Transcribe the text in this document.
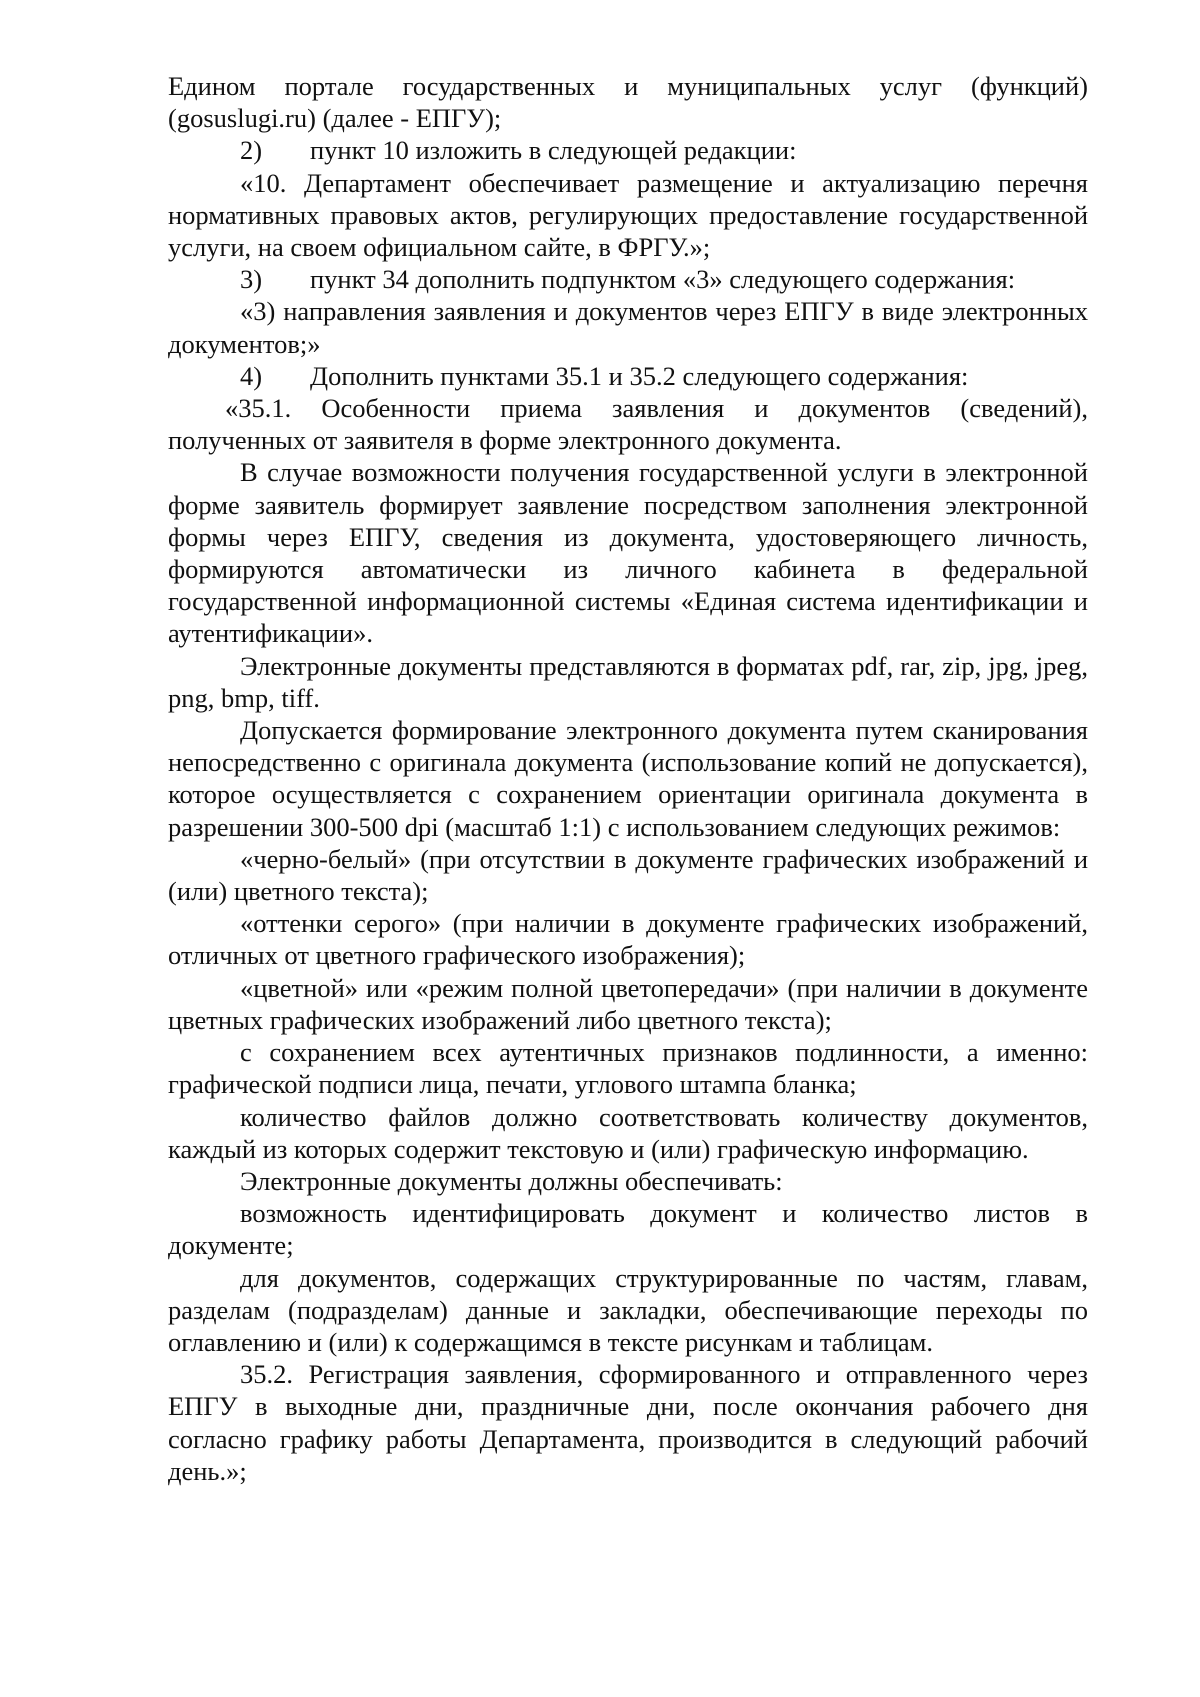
Едином портале государственных и муниципальных услуг (функций) (gosuslugi.ru) (далее - ЕПГУ);

2) пункт 10 изложить в следующей редакции:

«10. Департамент обеспечивает размещение и актуализацию перечня нормативных правовых актов, регулирующих предоставление государственной услуги, на своем официальном сайте, в ФРГУ.»;

3) пункт 34 дополнить подпунктом «3» следующего содержания:

«3) направления заявления и документов через ЕПГУ в виде электронных документов;»

4) Дополнить пунктами 35.1 и 35.2 следующего содержания:

«35.1. Особенности приема заявления и документов (сведений), полученных от заявителя в форме электронного документа.

В случае возможности получения государственной услуги в электронной форме заявитель формирует заявление посредством заполнения электронной формы через ЕПГУ, сведения из документа, удостоверяющего личность, формируются автоматически из личного кабинета в федеральной государственной информационной системы «Единая система идентификации и аутентификации».

Электронные документы представляются в форматах pdf, rar, zip, jpg, jpeg, png, bmp, tiff.

Допускается формирование электронного документа путем сканирования непосредственно с оригинала документа (использование копий не допускается), которое осуществляется с сохранением ориентации оригинала документа в разрешении 300-500 dpi (масштаб 1:1) с использованием следующих режимов:

«черно-белый» (при отсутствии в документе графических изображений и (или) цветного текста);

«оттенки серого» (при наличии в документе графических изображений, отличных от цветного графического изображения);

«цветной» или «режим полной цветопередачи» (при наличии в документе цветных графических изображений либо цветного текста);

с сохранением всех аутентичных признаков подлинности, а именно: графической подписи лица, печати, углового штампа бланка;

количество файлов должно соответствовать количеству документов, каждый из которых содержит текстовую и (или) графическую информацию.

Электронные документы должны обеспечивать:

возможность идентифицировать документ и количество листов в документе;

для документов, содержащих структурированные по частям, главам, разделам (подразделам) данные и закладки, обеспечивающие переходы по оглавлению и (или) к содержащимся в тексте рисункам и таблицам.

35.2. Регистрация заявления, сформированного и отправленного через ЕПГУ в выходные дни, праздничные дни, после окончания рабочего дня согласно графику работы Департамента, производится в следующий рабочий день.»;
